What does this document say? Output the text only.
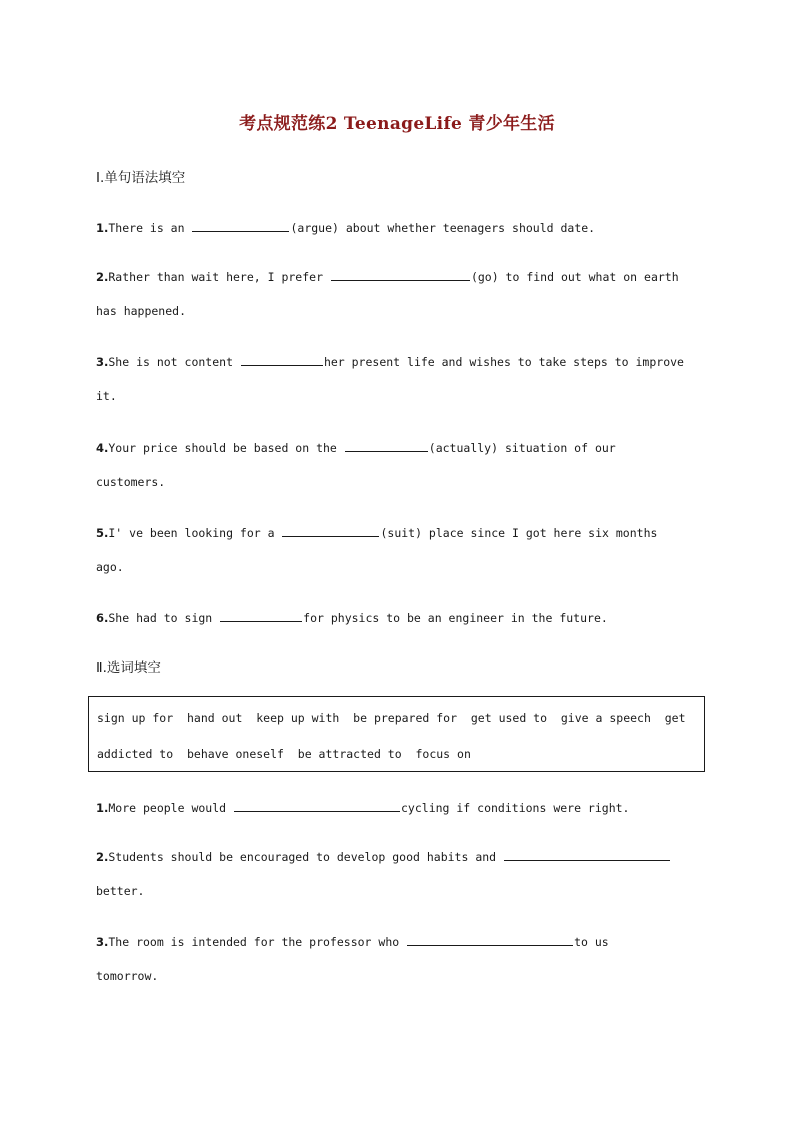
考点规范练2 TeenageLife 青少年生活
Ⅰ.单句语法填空
1.There is an	(argue) about whether teenagers should date.
2.Rather than wait here, I prefer	(go) to find out what on earth
has happened.
3.She is not content	her present life and wishes to take steps to improve
it.
4.Your price should be based on the	(actually) situation of our
customers.
5.I' ve been looking for a	(suit) place since I got here six months
ago.
6.She had to sign	for physics to be an engineer in the future.
Ⅱ.选词填空
sign up for  hand out  keep up with  be prepared for  get used to  give a speech  get
addicted to  behave oneself  be attracted to  focus on
1.More people would	cycling if conditions were right.
2.Students should be encouraged to develop good habits and
better.
3.The room is intended for the professor who	to us
tomorrow.
